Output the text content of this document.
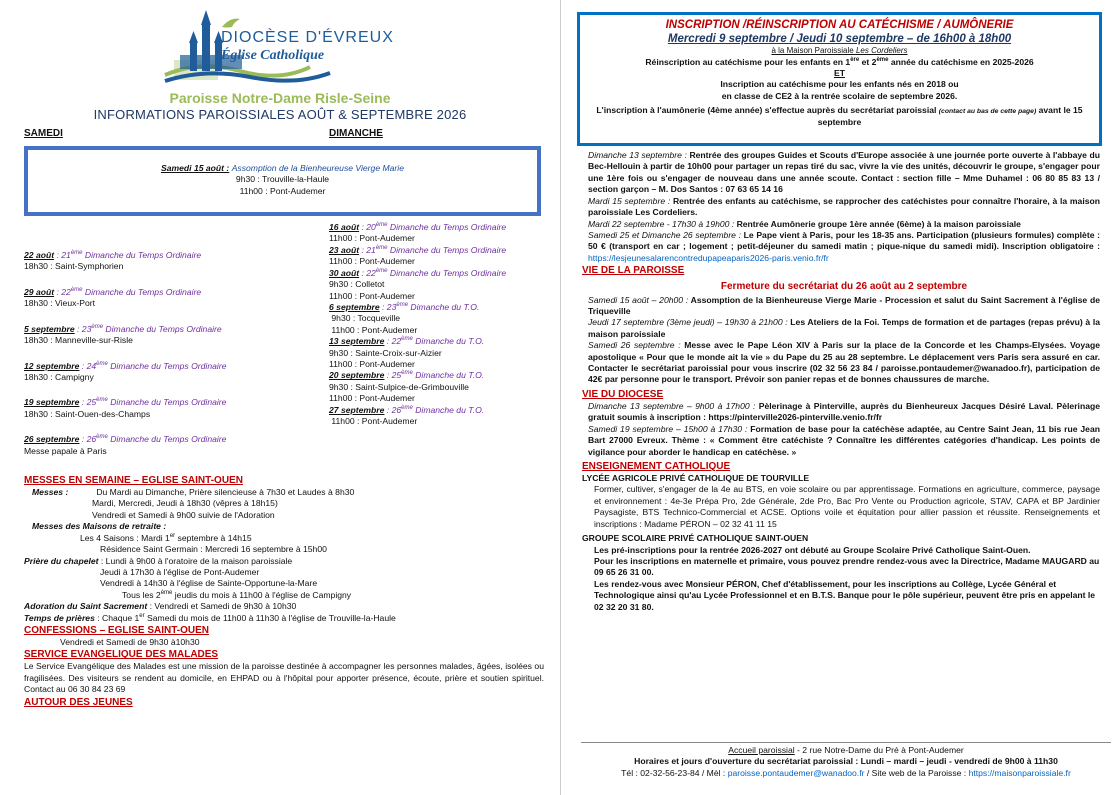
DIOCÈSE D'ÉVREUX
Église Catholique
Paroisse Notre-Dame Risle-Seine
INFORMATIONS PAROISSIALES AOÛT & SEPTEMBRE 2026
SAMEDI	DIMANCHE
Samedi 15 août : Assomption de la Bienheureuse Vierge Marie
9h30 : Trouville-la-Haule
11h00 : Pont-Audemer
22 août : 21ème Dimanche du Temps Ordinaire
18h30 : Saint-Symphorien
29 août : 22ème Dimanche du Temps Ordinaire
18h30 : Vieux-Port
5 septembre : 23ème Dimanche du Temps Ordinaire
18h30 : Manneville-sur-Risle
12 septembre : 24ème Dimanche du Temps Ordinaire
18h30 : Campigny
19 septembre : 25ème Dimanche du Temps Ordinaire
18h30 : Saint-Ouen-des-Champs
26 septembre : 26ème Dimanche du Temps Ordinaire
Messe papale à Paris
16 août : 20ème Dimanche du Temps Ordinaire
11h00 : Pont-Audemer
23 août : 21ème Dimanche du Temps Ordinaire
11h00 : Pont-Audemer
30 août : 22ème Dimanche du Temps Ordinaire
9h30 : Colletot
11h00 : Pont-Audemer
6 septembre : 23ème Dimanche du T.O.
9h30 : Tocqueville
11h00 : Pont-Audemer
13 septembre : 22ème Dimanche du T.O.
9h30 : Sainte-Croix-sur-Aizier
11h00 : Pont-Audemer
20 septembre : 25ème Dimanche du T.O.
9h30 : Saint-Sulpice-de-Grimbouville
11h00 : Pont-Audemer
27 septembre : 26ème Dimanche du T.O.
11h00 : Pont-Audemer
MESSES EN SEMAINE – EGLISE SAINT-OUEN
Messes :	Du Mardi au Dimanche, Prière silencieuse à 7h30 et Laudes à 8h30
Mardi, Mercredi, Jeudi à 18h30 (vêpres à 18h15)
Vendredi et Samedi à 9h00 suivie de l'Adoration
Messes des Maisons de retraite :
Les 4 Saisons : Mardi 1er septembre à 14h15
Résidence Saint Germain : Mercredi 16 septembre à 15h00
Prière du chapelet : Lundi à 9h00 à l'oratoire de la maison paroissiale
Jeudi à 17h30 à l'église de Pont-Audemer
Vendredi à 14h30 à l'église de Sainte-Opportune-la-Mare
Tous les 2ème jeudis du mois à 11h00 à l'église de Campigny
Adoration du Saint Sacrement : Vendredi et Samedi de 9h30 à 10h30
Temps de prières : Chaque 1er Samedi du mois de 11h00 à 11h30 à l'église de Trouville-la-Haule
CONFESSIONS – EGLISE SAINT-OUEN
Vendredi et Samedi de 9h30 à10h30
SERVICE EVANGELIQUE DES MALADES
Le Service Evangélique des Malades est une mission de la paroisse destinée à accompagner les personnes malades, âgées, isolées ou fragilisées. Des visiteurs se rendent au domicile, en EHPAD ou à l'hôpital pour apporter présence, écoute, prière et soutien spirituel. Contact au 06 30 84 23 69
AUTOUR DES JEUNES
INSCRIPTION /RÉINSCRIPTION AU CATÉCHISME / AUMÔNERIE
Mercredi 9 septembre / Jeudi 10 septembre – de 16h00 à 18h00
à la Maison Paroissiale Les Cordeliers
Réinscription au catéchisme pour les enfants en 1ère et 2ème année du catéchisme en 2025-2026
ET
Inscription au catéchisme pour les enfants nés en 2018 ou
en classe de CE2 à la rentrée scolaire de septembre 2026.
L'inscription à l'aumônerie (4ème année) s'effectue auprès du secrétariat paroissial (contact au bas de cette page) avant le 15 septembre
Dimanche 13 septembre : Rentrée des groupes Guides et Scouts d'Europe associée à une journée porte ouverte à l'abbaye du Bec-Hellouin à partir de 10h00 pour partager un repas tiré du sac, vivre la vie des unités, découvrir le groupe, s'engager pour une 1ère fois ou s'engager de nouveau dans une année scoute. Contact : section fille – Mme Duhamel : 06 80 85 83 13 / section garçon – M. Dos Santos : 07 63 65 14 16
Mardi 15 septembre : Rentrée des enfants au catéchisme, se rapprocher des catéchistes pour connaître l'horaire, à la maison paroissiale Les Cordeliers.
Mardi 22 septembre - 17h30 à 19h00 : Rentrée Aumônerie groupe 1ère année (6ème) à la maison paroissiale
Samedi 25 et Dimanche 26 septembre : Le Pape vient à Paris, pour les 18-35 ans. Participation (plusieurs formules) complète : 50 € (transport en car ; logement ; petit-déjeuner du samedi matin ; pique-nique du samedi midi). Inscription obligatoire : https://lesjeunesalarencontredupapeaparis2026-paris.venio.fr/fr
VIE DE LA PAROISSE
Fermeture du secrétariat du 26 août au 2 septembre
Samedi 15 août – 20h00 : Assomption de la Bienheureuse Vierge Marie - Procession et salut du Saint Sacrement à l'église de Triqueville
Jeudi 17 septembre (3ème jeudi) – 19h30 à 21h00 : Les Ateliers de la Foi. Temps de formation et de partages (repas prévu) à la maison paroissiale
Samedi 26 septembre : Messe avec le Pape Léon XIV à Paris sur la place de la Concorde et les Champs-Elysées. Voyage apostolique « Pour que le monde ait la vie » du Pape du 25 au 28 septembre. Le déplacement vers Paris sera assuré en car. Contacter le secrétariat paroissial pour vous inscrire (02 32 56 23 84 / paroisse.pontaudemer@wanadoo.fr), participation de 42€ par personne pour le transport. Prévoir son panier repas et de bonnes chaussures de marche.
VIE DU DIOCESE
Dimanche 13 septembre – 9h00 à 17h00 : Pèlerinage à Pinterville, auprès du Bienheureux Jacques Désiré Laval. Pèlerinage gratuit soumis à inscription : https://pinterville2026-pinterville.venio.fr/fr
Samedi 19 septembre – 15h00 à 17h30 : Formation de base pour la catéchèse adaptée, au Centre Saint Jean, 11 bis rue Jean Bart 27000 Evreux. Thème : « Comment être catéchiste ? Connaître les différentes catégories d'handicap. Les points de vigilance pour aborder le handicap en catéchèse. »
ENSEIGNEMENT CATHOLIQUE
LYCÉE AGRICOLE PRIVÉ CATHOLIQUE DE TOURVILLE

Former, cultiver, s'engager de la 4e au BTS, en voie scolaire ou par apprentissage. Formations en agriculture, commerce, paysage et environnement : 4e-3e Prépa Pro, 2de Générale, 2de Pro, Bac Pro Vente ou Production agricole, STAV, CAPA et BP Jardinier Paysagiste, BTS Technico-Commercial et ACSE. Options voile et équitation pour allier passion et réussite. Renseignements et inscriptions : Madame PÉRON – 02 32 41 11 15

GROUPE SCOLAIRE PRIVÉ CATHOLIQUE SAINT-OUEN

Les pré-inscriptions pour la rentrée 2026-2027 ont débuté au Groupe Scolaire Privé Catholique Saint-Ouen.

Pour les inscriptions en maternelle et primaire, vous pouvez prendre rendez-vous avec la Directrice, Madame MAUGARD au 09 65 26 31 00.

Les rendez-vous avec Monsieur PÉRON, Chef d'établissement, pour les inscriptions au Collège, Lycée Général et Technologique ainsi qu'au Lycée Professionnel et en B.T.S. Banque pour le pôle supérieur, peuvent être pris en appelant le 02 32 20 31 80.

Accueil paroissial - 2 rue Notre-Dame du Pré à Pont-Audemer
Horaires et jours d'ouverture du secrétariat paroissial : Lundi – mardi – jeudi - vendredi de 9h00 à 11h30
Tél : 02-32-56-23-84 / Mèl : paroisse.pontaudemer@wanadoo.fr / Site web de la Paroisse : https://maisonparoissiale.fr
